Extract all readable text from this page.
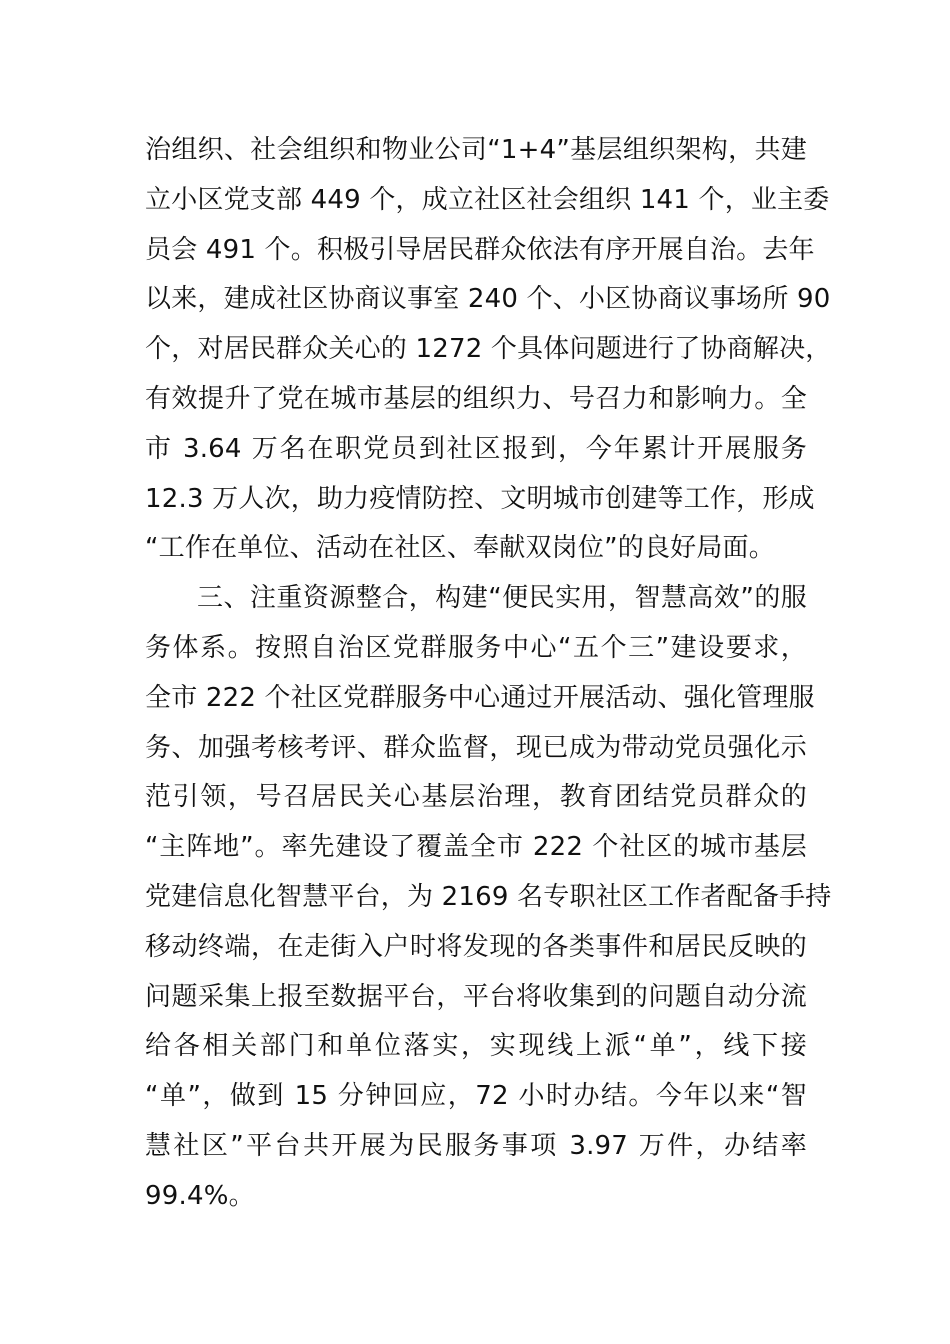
治组织、社会组织和物业公司“1+4”基层组织架构，共建
立小区党支部 449 个，成立社区社会组织 141 个，业主委
员会 491 个。积极引导居民群众依法有序开展自治。去年
以来，建成社区协商议事室 240 个、小区协商议事场所 90
个，对居民群众关心的 1272 个具体问题进行了协商解决，
有效提升了党在城市基层的组织力、号召力和影响力。全
市 3.64 万名在职党员到社区报到，今年累计开展服务
12.3 万人次，助力疫情防控、文明城市创建等工作，形成
“工作在单位、活动在社区、奉献双岗位”的良好局面。
三、注重资源整合，构建“便民实用，智慧高效”的服
务体系。按照自治区党群服务中心“五个三”建设要求，
全市 222 个社区党群服务中心通过开展活动、强化管理服
务、加强考核考评、群众监督，现已成为带动党员强化示
范引领，号召居民关心基层治理，教育团结党员群众的
“主阵地”。率先建设了覆盖全市 222 个社区的城市基层
党建信息化智慧平台，为 2169 名专职社区工作者配备手持
移动终端，在走街入户时将发现的各类事件和居民反映的
问题采集上报至数据平台，平台将收集到的问题自动分流
给各相关部门和单位落实，实现线上派“单”，线下接
“单”，做到 15 分钟回应，72 小时办结。今年以来“智
慧社区”平台共开展为民服务事项 3.97 万件，办结率
99.4%。
